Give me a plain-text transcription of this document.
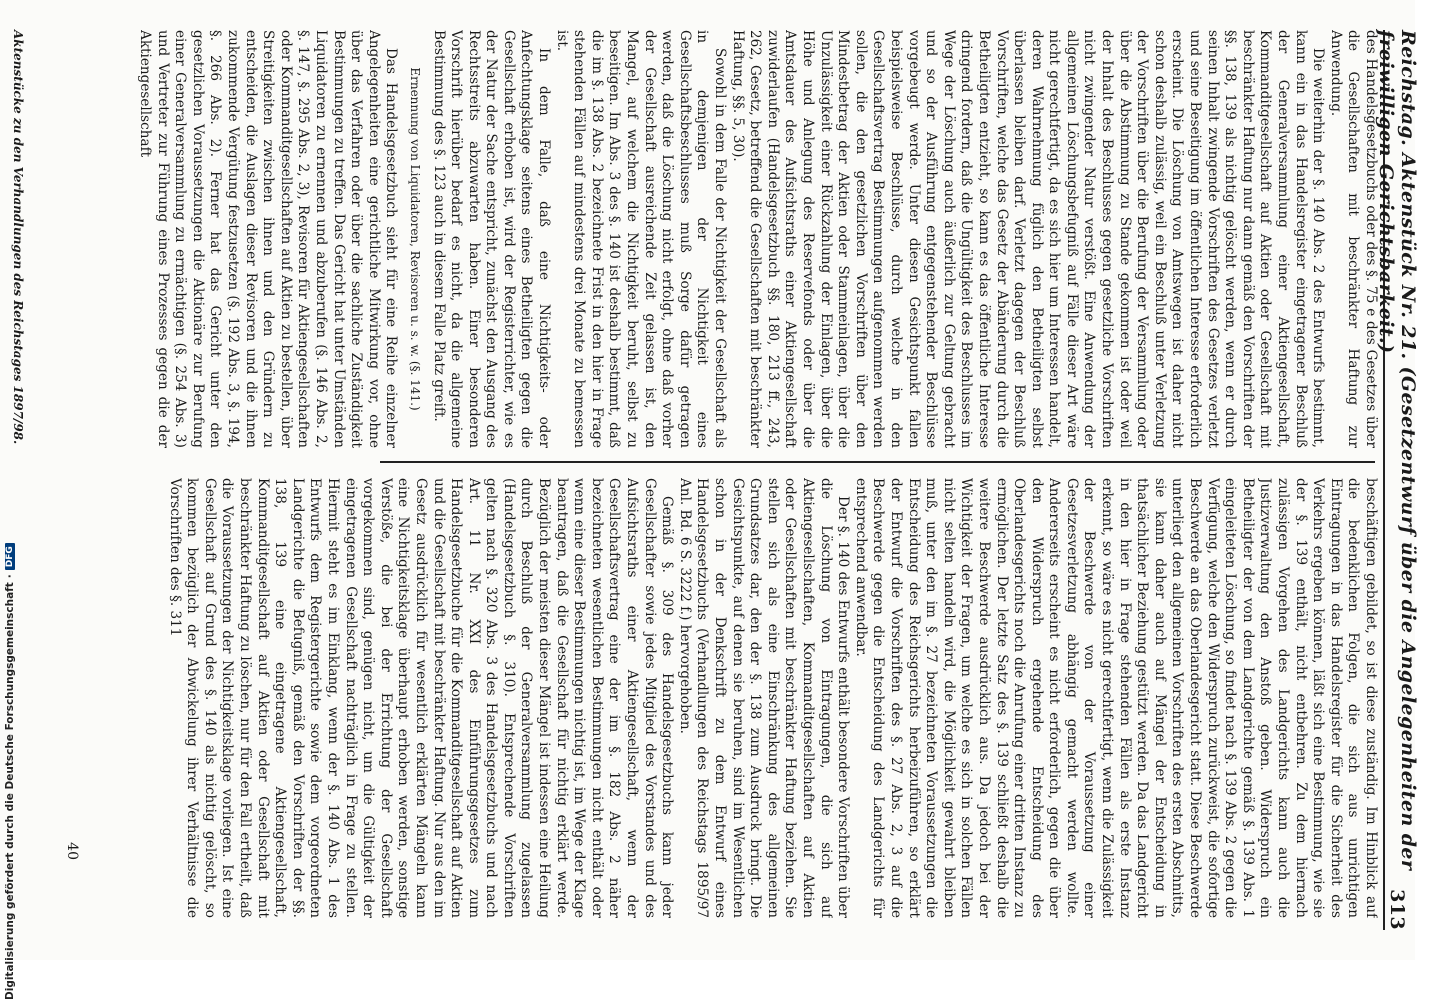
Reichstag. Aktenstück Nr. 21. (Gesetzentwurf über die Angelegenheiten der freiwilligen Gerichtsbarkeit.)
313

des Handelsgesetzbuchs oder des §. 75 e des Gesetzes über die Gesellschaften mit beschränkter Haftung zur Anwendung.

Die weiterhin der §. 140 Abs. 2 des Entwurfs bestimmt, kann ein in das Handelsregister eingetragener Beschluß der Generalversammlung einer Aktiengesellschaft, Kommanditgesellschaft auf Aktien oder Gesellschaft mit beschränkter Haftung nur dann gemäß den Vorschriften der §§. 138, 139 als nichtig gelöscht werden, wenn er durch seinen Inhalt zwingende Vorschriften des Gesetzes verletzt und seine Beseitigung im öffentlichen Interesse erforderlich erscheint. Die Löschung von Amtswegen ist daher nicht schon deshalb zulässig, weil ein Beschluß unter Verletzung der Vorschriften über die Berufung der Versammlung oder über die Abstimmung zu Stande gekommen ist oder weil der Inhalt des Beschlusses gegen gesetzliche Vorschriften nicht zwingender Natur verstößt. Eine Anwendung der allgemeinen Löschungsbefugniß auf Fälle dieser Art wäre nicht gerechtfertigt, da es sich hier um Interessen handelt, deren Wahrnehmung füglich den Betheiligten selbst überlassen bleiben darf. Verletzt dagegen der Beschluß Vorschriften, welche das Gesetz der Abänderung durch die Betheiligten entzieht, so kann es das öffentliche Interesse dringend fordern, daß die Ungültigkeit des Beschlusses im Wege der Löschung auch äußerlich zur Geltung gebracht und so der Ausführung entgegenstehender Beschlüsse vorgebeugt werde. Unter diesen Gesichtspunkt fallen beispielsweise Beschlüsse, durch welche in den Gesellschaftsvertrag Bestimmungen aufgenommen werden sollen, die den gesetzlichen Vorschriften über den Mindestbetrag der Aktien oder Stammeinlagen, über die Unzulässigkeit einer Rückzahlung der Einlagen, über die Höhe und Anlegung des Reservefonds oder über die Amtsdauer des Aufsichtsraths einer Aktiengesellschaft zuwiderlaufen (Handelsgesetzbuch §§. 180, 213 ff., 243, 262, Gesetz, betreffend die Gesellschaften mit beschränkter Haftung, §§. 5, 30).

Sowohl in dem Falle der Nichtigkeit der Gesellschaft als in demjenigen der Nichtigkeit eines Gesellschaftsbeschlusses muß Sorge dafür getragen werden, daß die Löschung nicht erfolgt, ohne daß vorher der Gesellschaft ausreichende Zeit gelassen ist, den Mangel, auf welchem die Nichtigkeit beruht, selbst zu beseitigen. Im Abs. 3 des §. 140 ist deshalb bestimmt, daß die im §. 138 Abs. 2 bezeichnete Frist in den hier in Frage stehenden Fällen auf mindestens drei Monate zu bemessen ist.

In dem Falle, daß eine Nichtigkeits- oder Anfechtungsklage seitens eines Betheiligten gegen die Gesellschaft erhoben ist, wird der Registerrichter, wie es der Natur der Sache entspricht, zunächst den Ausgang des Rechtsstreits abzuwarten haben. Einer besonderen Vorschrift hierüber bedarf es nicht, da die allgemeine Bestimmung des §. 123 auch in diesem Falle Platz greift.

Ernennung von Liquidatoren, Revisoren u. s. w. (§. 141.)

Das Handelsgesetzbuch sieht für eine Reihe einzelner Angelegenheiten eine gerichtliche Mitwirkung vor, ohne über das Verfahren oder über die sachliche Zuständigkeit Bestimmungen zu treffen. Das Gericht hat unter Umständen Liquidatoren zu ernennen und abzuberufen (§. 146 Abs. 2, §. 147, §. 295 Abs. 2, 3), Revisoren für Aktiengesellschaften oder Kommanditgesellschaften auf Aktien zu bestellen, über Streitigkeiten zwischen ihnen und den Gründern zu entscheiden, die Auslagen dieser Revisoren und die ihnen zukommende Vergütung festzusetzen (§. 192 Abs. 3, §. 194, §. 266 Abs. 2). Ferner hat das Gericht unter den gesetzlichen Voraussetzungen die Aktionäre zur Berufung einer Generalversammlung zu ermächtigen (§. 254 Abs. 3) und Vertreter zur Führung eines Prozesses gegen die der Aktiengesellschaft

beschäftigen gebildet, so ist diese zuständig. Im Hinblick auf die bedenklichen Folgen, die sich aus unrichtigen Eintragungen in das Handelsregister für die Sicherheit des Verkehrs ergeben können, läßt sich eine Bestimmung, wie sie der §. 139 enthält, nicht entbehren. Zu dem hiernach zulässigen Vorgehen des Landgerichts kann auch die Justizverwaltung den Anstoß geben. Widerspruch ein Betheiligter der von dem Landgerichte gemäß §. 139 Abs. 1 eingeleiteten Löschung, so findet nach §. 139 Abs. 2 gegen die Verfügung, welche den Widerspruch zurückweist, die sofortige Beschwerde an das Oberlandesgericht statt. Diese Beschwerde unterliegt den allgemeinen Vorschriften des ersten Abschnitts, sie kann daher auch auf Mängel der Entscheidung in thatsächlicher Beziehung gestützt werden. Da das Landgericht in den hier in Frage stehenden Fällen als erste Instanz erkennt, so wäre es nicht gerechtfertigt, wenn die Zulässigkeit der Beschwerde von der Voraussetzung einer Gesetzesverletzung abhängig gemacht werden wollte. Andererseits erscheint es nicht erforderlich, gegen die über den Widerspruch ergehende Entscheidung des Oberlandesgerichts noch die Anrufung einer dritten Instanz zu ermöglichen. Der letzte Satz des §. 139 schließt deshalb die weitere Beschwerde ausdrücklich aus. Da jedoch bei der Wichtigkeit der Fragen, um welche es sich in solchen Fällen nicht selten handeln wird, die Möglichkeit gewahrt bleiben muß, unter den im §. 27 bezeichneten Voraussetzungen die Entscheidung des Reichsgerichts herbeizuführen, so erklärt der Entwurf die Vorschriften des §. 27 Abs. 2, 3 auf die Beschwerde gegen die Entscheidung des Landgerichts für entsprechend anwendbar.

Der §. 140 des Entwurfs enthält besondere Vorschriften über die Löschung von Eintragungen, die sich auf Aktiengesellschaften, Kommanditgesellschaften auf Aktien oder Gesellschaften mit beschränkter Haftung beziehen. Sie stellen sich als eine Einschränkung des allgemeinen Grundsatzes dar, den der §. 138 zum Ausdruck bringt. Die Gesichtspunkte, auf denen sie beruhen, sind im Wesentlichen schon in der Denkschrift zu dem Entwurf eines Handelsgesetzbuchs (Verhandlungen des Reichstags 1895/97 Anl. Bd. 6 S. 3222 f.) hervorgehoben.

Gemäß §. 309 des Handelsgesetzbuchs kann jeder Gesellschafter sowie jedes Mitglied des Vorstandes und des Aufsichtsraths einer Aktiengesellschaft, wenn der Gesellschaftsvertrag eine der im §. 182 Abs. 2 näher bezeichneten wesentlichen Bestimmungen nicht enthält oder wenn eine dieser Bestimmungen nichtig ist, im Wege der Klage beantragen, daß die Gesellschaft für nichtig erklärt werde. Bezüglich der meisten dieser Mängel ist indessen eine Heilung durch Beschluß der Generalversammlung zugelassen (Handelsgesetzbuch §. 310). Entsprechende Vorschriften gelten nach §. 320 Abs. 3 des Handelsgesetzbuchs und nach Art. 11 Nr. XXI des Einführungsgesetzes zum Handelsgesetzbuche für die Kommanditgesellschaft auf Aktien und die Gesellschaft mit beschränkter Haftung. Nur aus den im Gesetz ausdrücklich für wesentlich erklärten Mängeln kann eine Nichtigkeitsklage überhaupt erhoben werden, sonstige Verstöße, die bei der Errichtung der Gesellschaft vorgekommen sind, genügen nicht, um die Gültigkeit der eingetragenen Gesellschaft nachträglich in Frage zu stellen. Hiermit steht es im Einklang, wenn der §. 140 Abs. 1 des Entwurfs dem Registergerichte sowie dem vorgeordneten Landgerichte die Befugniß, gemäß den Vorschriften der §§. 138, 139 eine eingetragene Aktiengesellschaft, Kommanditgesellschaft auf Aktien oder Gesellschaft mit beschränkter Haftung zu löschen, nur für den Fall ertheilt, daß die Voraussetzungen der Nichtigkeitsklage vorliegen. Ist eine Gesellschaft auf Grund des §. 140 als nichtig gelöscht, so kommen bezüglich der Abwickelung ihrer Verhältnisse die Vorschriften des §. 311

40
Aktenstücke zu den Verhandlungen des Reichstages 1897/98.
Digitalisierung gefördert durch die Deutsche Forschungsgemeinschaft
·
DFG
